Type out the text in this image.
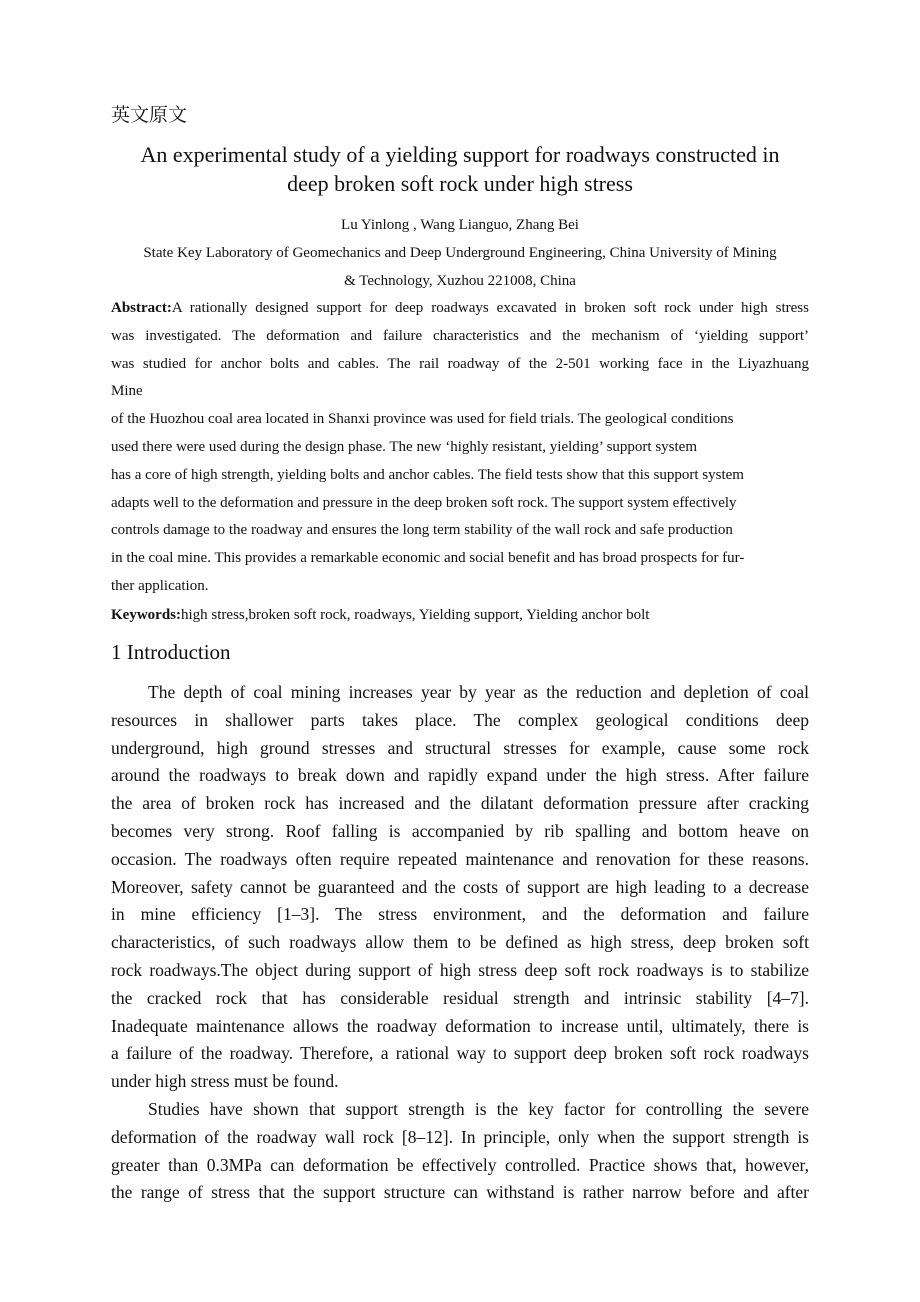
英文原文
An experimental study of a yielding support for roadways constructed in
deep broken soft rock under high stress

Lu Yinlong , Wang Lianguo, Zhang Bei

State Key Laboratory of Geomechanics and Deep Underground Engineering, China University of Mining
& Technology, Xuzhou 221008, China

Abstract:A rationally designed support for deep roadways excavated in broken soft rock under high stress
was investigated. The deformation and failure characteristics and the mechanism of ‘yielding support’
was studied for anchor bolts and cables. The rail roadway of the 2-501 working face in the Liyazhuang
Mine
of the Huozhou coal area located in Shanxi province was used for field trials. The geological conditions
used there were used during the design phase. The new ‘highly resistant, yielding’ support system
has a core of high strength, yielding bolts and anchor cables. The field tests show that this support system
adapts well to the deformation and pressure in the deep broken soft rock. The support system effectively
controls damage to the roadway and ensures the long term stability of the wall rock and safe production
in the coal mine. This provides a remarkable economic and social benefit and has broad prospects for fur-
ther application.

Keywords:high stress,broken soft rock, roadways, Yielding support, Yielding anchor bolt

1 Introduction
The depth of coal mining increases year by year as the reduction and depletion of coal
resources in shallower parts takes place. The complex geological conditions deep
underground, high ground stresses and structural stresses for example, cause some rock
around the roadways to break down and rapidly expand under the high stress. After failure
the area of broken rock has increased and the dilatant deformation pressure after cracking
becomes very strong. Roof falling is accompanied by rib spalling and bottom heave on
occasion. The roadways often require repeated maintenance and renovation for these reasons.
Moreover, safety cannot be guaranteed and the costs of support are high leading to a decrease
in mine efficiency [1–3]. The stress environment, and the deformation and failure
characteristics, of such roadways allow them to be defined as high stress, deep broken soft
rock roadways.The object during support of high stress deep soft rock roadways is to stabilize
the cracked rock that has considerable residual strength and intrinsic stability [4–7].
Inadequate maintenance allows the roadway deformation to increase until, ultimately, there is
a failure of the roadway. Therefore, a rational way to support deep broken soft rock roadways
under high stress must be found.
Studies have shown that support strength is the key factor for controlling the severe
deformation of the roadway wall rock [8–12]. In principle, only when the support strength is
greater than 0.3MPa can deformation be effectively controlled. Practice shows that, however,
the range of stress that the support structure can withstand is rather narrow before and after
